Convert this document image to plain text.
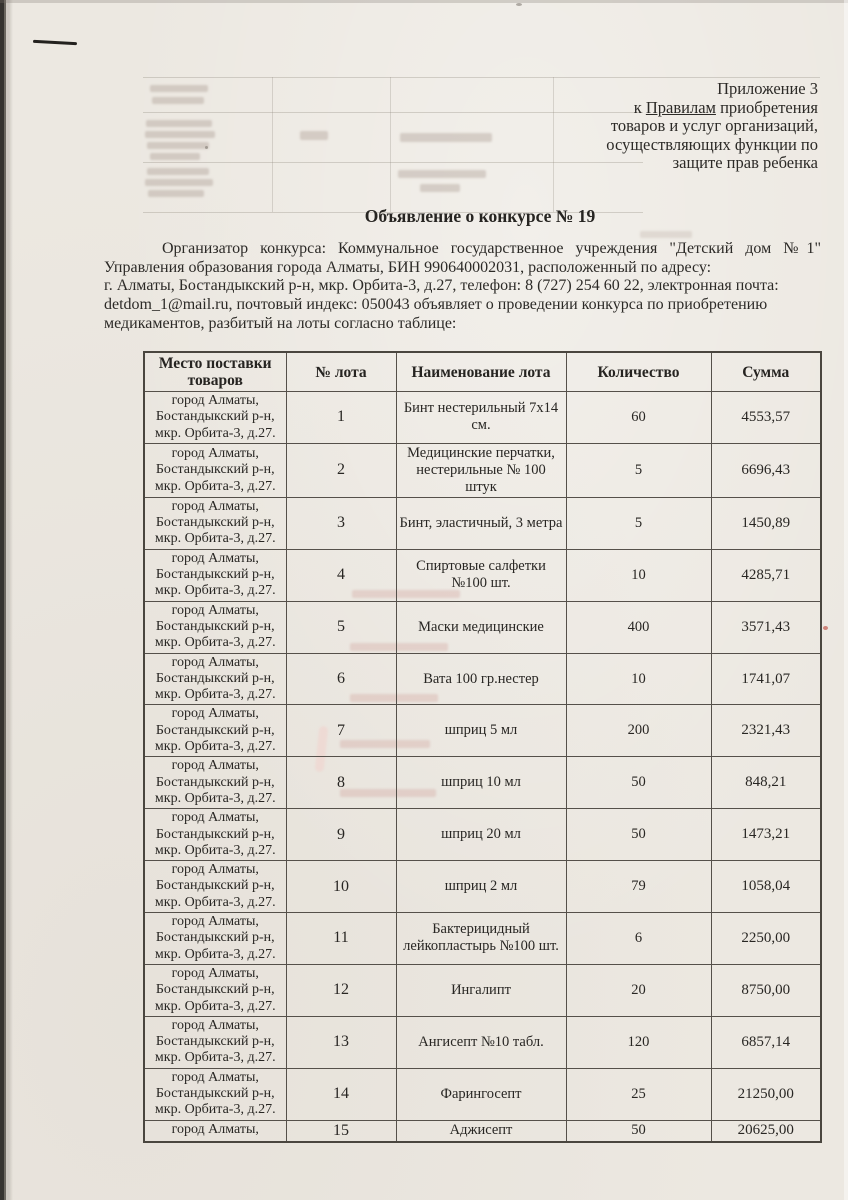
Приложение 3
к Правилам приобретения
товаров и услуг организаций,
осуществляющих функции по
защите прав ребенка
Объявление о конкурсе № 19
Организатор конкурса: Коммунальное государственное учреждения "Детский дом №1"
Управления образования города Алматы, БИН 990640002031, расположенный по адресу:
г. Алматы, Бостандыкский р-н, мкр. Орбита-3, д.27, телефон: 8 (727) 254 60 22, электронная почта:
detdom_1@mail.ru, почтовый индекс: 050043 объявляет о проведении конкурса по приобретению
медикаментов, разбитый на лоты согласно таблице:
Место поставки товаров	№ лота	Наименование лота	Количество	Сумма
город Алматы, Бостандыкский р-н, мкр. Орбита-3, д.27.	1	Бинт нестерильный 7х14 см.	60	4553,57
город Алматы, Бостандыкский р-н, мкр. Орбита-3, д.27.	2	Медицинские перчатки, нестерильные № 100 штук	5	6696,43
город Алматы, Бостандыкский р-н, мкр. Орбита-3, д.27.	3	Бинт, эластичный, 3 метра	5	1450,89
город Алматы, Бостандыкский р-н, мкр. Орбита-3, д.27.	4	Спиртовые салфетки №100 шт.	10	4285,71
город Алматы, Бостандыкский р-н, мкр. Орбита-3, д.27.	5	Маски медицинские	400	3571,43
город Алматы, Бостандыкский р-н, мкр. Орбита-3, д.27.	6	Вата 100 гр.нестер	10	1741,07
город Алматы, Бостандыкский р-н, мкр. Орбита-3, д.27.	7	шприц 5 мл	200	2321,43
город Алматы, Бостандыкский р-н, мкр. Орбита-3, д.27.	8	шприц 10 мл	50	848,21
город Алматы, Бостандыкский р-н, мкр. Орбита-3, д.27.	9	шприц 20 мл	50	1473,21
город Алматы, Бостандыкский р-н, мкр. Орбита-3, д.27.	10	шприц 2 мл	79	1058,04
город Алматы, Бостандыкский р-н, мкр. Орбита-3, д.27.	11	Бактерицидный лейкопластырь №100 шт.	6	2250,00
город Алматы, Бостандыкский р-н, мкр. Орбита-3, д.27.	12	Ингалипт	20	8750,00
город Алматы, Бостандыкский р-н, мкр. Орбита-3, д.27.	13	Ангисепт №10 табл.	120	6857,14
город Алматы, Бостандыкский р-н, мкр. Орбита-3, д.27.	14	Фарингосепт	25	21250,00
город Алматы,	15	Аджисепт	50	20625,00
